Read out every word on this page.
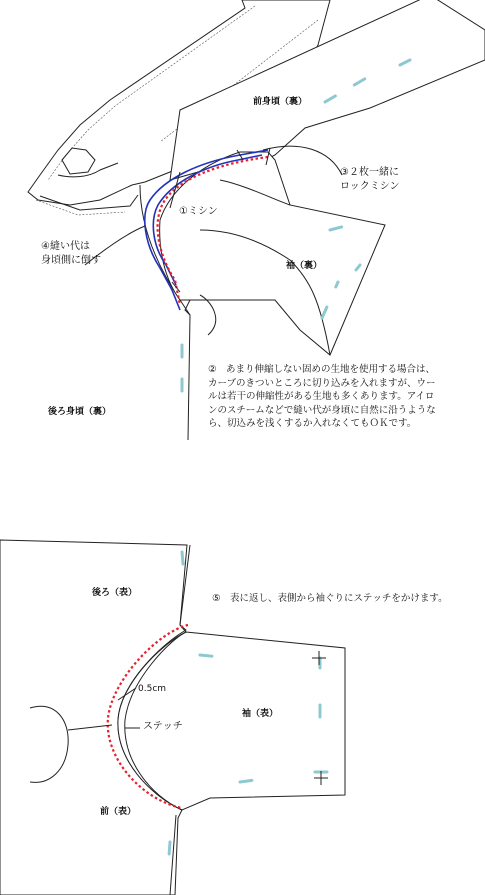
前身頃（裏）
③２枚一緒に
ロックミシン
①ミシン
④縫い代は
身頃側に倒す	袖（裏）
後ろ身頃（裏）
②　あまり伸縮しない固めの生地を使用する場合は、カーブのきついところに切り込みを入れますが、ウールは若干の伸縮性がある生地も多くあります。アイロンのスチームなどで縫い代が身頃に自然に沿うようなら、切込みを浅くするか入れなくてもＯＫです。
後ろ（表）	⑤　表に返し、表側から袖ぐりにステッチをかけます。
0.5cm
袖（表）
ステッチ
前（表）
